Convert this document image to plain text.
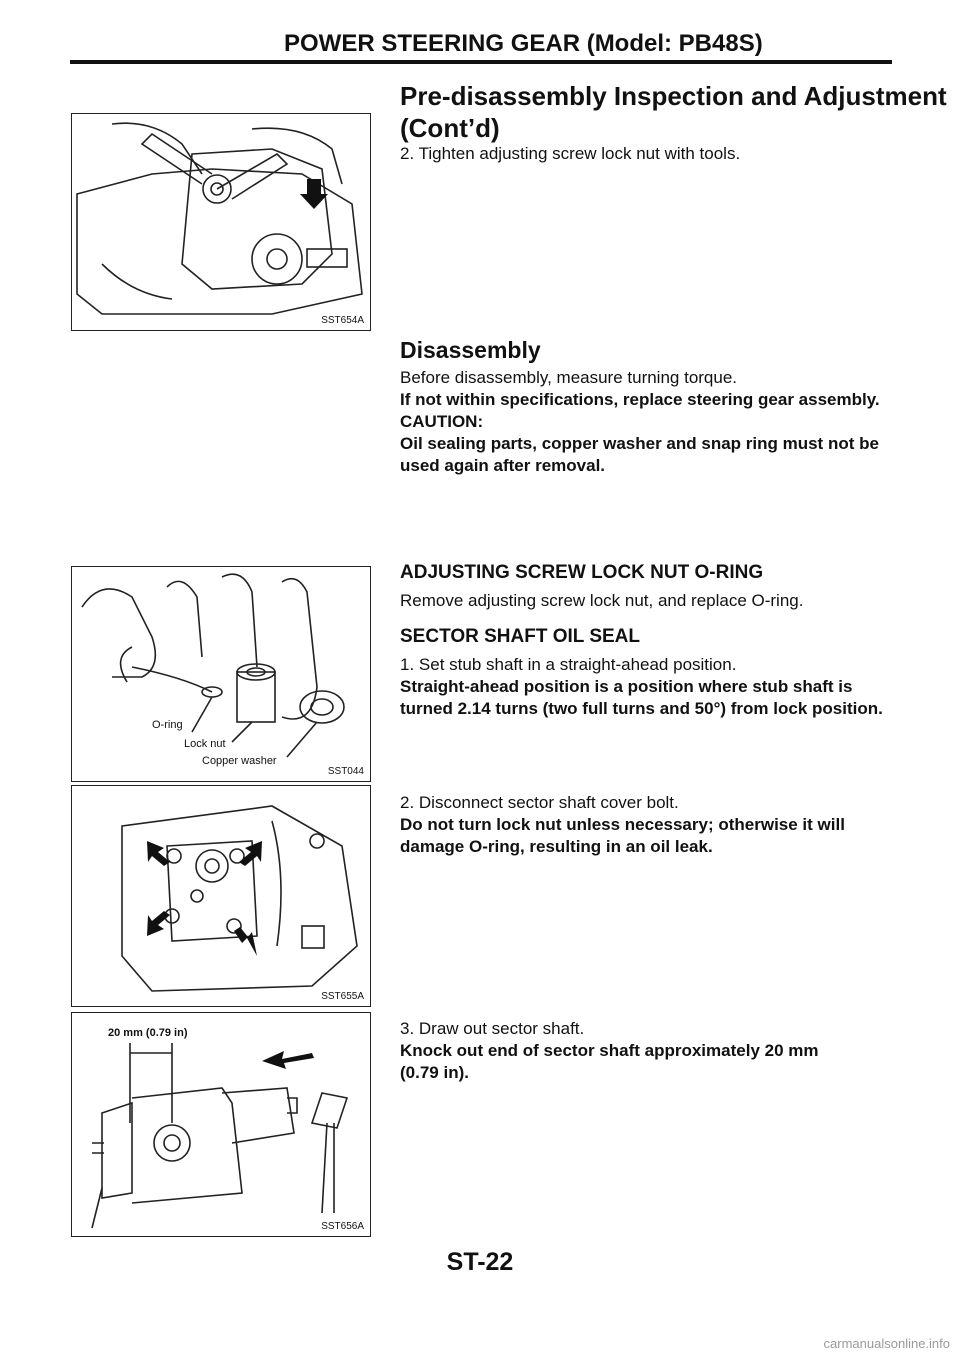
POWER STEERING GEAR (Model: PB48S)
Pre-disassembly Inspection and Adjustment
(Cont’d)
SST654A
2. Tighten adjusting screw lock nut with tools.
Disassembly
Before disassembly, measure turning torque.
If not within specifications, replace steering gear assembly.
CAUTION:
Oil sealing parts, copper washer and snap ring must not be used again after removal.
O-ring
Lock nut
Copper washer
SST044
ADJUSTING SCREW LOCK NUT O-RING
Remove adjusting screw lock nut, and replace O-ring.
SECTOR SHAFT OIL SEAL
1. Set stub shaft in a straight-ahead position.
Straight-ahead position is a position where stub shaft is turned 2.14 turns (two full turns and 50°) from lock position.
SST655A
2. Disconnect sector shaft cover bolt.
Do not turn lock nut unless necessary; otherwise it will damage O-ring, resulting in an oil leak.
20 mm (0.79 in)
SST656A
3. Draw out sector shaft.
Knock out end of sector shaft approximately 20 mm
(0.79 in).
ST-22
carmanualsonline.info
